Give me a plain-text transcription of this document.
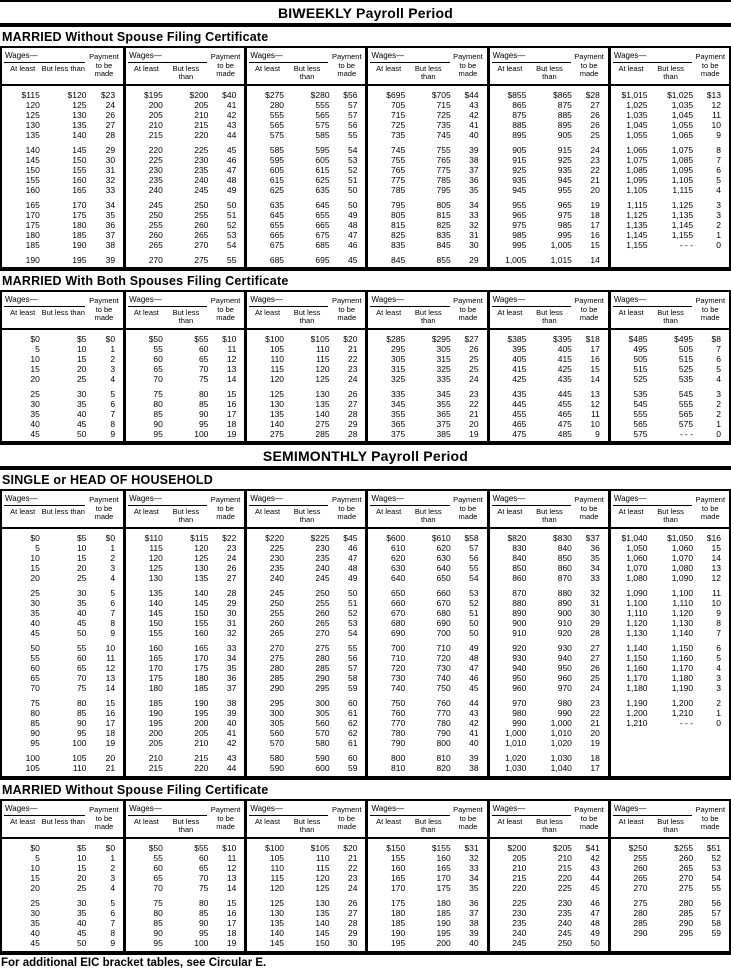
BIWEEKLY Payroll Period
MARRIED Without Spouse Filing Certificate
Wages—
At least But less than
Payment to be made
$115	$120	$23
120	125	24
125	130	26
130	135	27
135	140	28
140	145	29
145	150	30
150	155	31
155	160	32
160	165	33
165	170	34
170	175	35
175	180	36
180	185	37
185	190	38
190	195	39
Wages—
At least	But less than
Payment to be made
$195	$200	$40
200	205	41
205	210	42
210	215	43
215	220	44
220	225	45
225	230	46
230	235	47
235	240	48
240	245	49
245	250	50
250	255	51
255	260	52
260	265	53
265	270	54
270	275	55
Wages—
At least	But less than
Payment to be made
$275	$280	$56
280	555	57
555	565	57
565	575	56
575	585	55
585	595	54
595	605	53
605	615	52
615	625	51
625	635	50
635	645	50
645	655	49
655	665	48
665	675	47
675	685	46
685	695	45
Wages—
At least	But less than
Payment to be made
$695	$705	$44
705	715	43
715	725	42
725	735	41
735	745	40
745	755	39
755	765	38
765	775	37
775	785	36
785	795	35
795	805	34
805	815	33
815	825	32
825	835	31
835	845	30
845	855	29
Wages—
At least	But less than
Payment to be made
$855	$865	$28
865	875	27
875	885	26
885	895	26
895	905	25
905	915	24
915	925	23
925	935	22
935	945	21
945	955	20
955	965	19
965	975	18
975	985	17
985	995	16
995	1,005	15
1,005	1,015	14
Wages—
At least	But less than
Payment to be made
$1,015	$1,025	$13
1,025	1,035	12
1,035	1,045	11
1,045	1,055	10
1,055	1,065	9
1,065	1,075	8
1,075	1,085	7
1,085	1,095	6
1,095	1,105	5
1,105	1,115	4
1,115	1,125	3
1,125	1,135	3
1,135	1,145	2
1,145	1,155	1
1,155	- - -	0
MARRIED With Both Spouses Filing Certificate
Wages—
At least But less than
Payment to be made
$0	$5	$0
5	10	1
10	15	2
15	20	3
20	25	4
25	30	5
30	35	6
35	40	7
40	45	8
45	50	9
Wages—
At least	But less than
Payment to be made
$50	$55	$10
55	60	11
60	65	12
65	70	13
70	75	14
75	80	15
80	85	16
85	90	17
90	95	18
95	100	19
Wages—
At least	But less than
Payment to be made
$100	$105	$20
105	110	21
110	115	22
115	120	23
120	125	24
125	130	26
130	135	27
135	140	28
140	275	29
275	285	28
Wages—
At least	But less than
Payment to be made
$285	$295	$27
295	305	26
305	315	25
315	325	25
325	335	24
335	345	23
345	355	22
355	365	21
365	375	20
375	385	19
Wages—
At least	But less than
Payment to be made
$385	$395	$18
395	405	17
405	415	16
415	425	15
425	435	14
435	445	13
445	455	12
455	465	11
465	475	10
475	485	9
Wages—
At least	But less than
Payment to be made
$485	$495	$8
495	505	7
505	515	6
515	525	5
525	535	4
535	545	3
545	555	2
555	565	2
565	575	1
575	- - -	0
SEMIMONTHLY Payroll Period
SINGLE or HEAD OF HOUSEHOLD
Wages—
At least But less than
Payment to be made
$0	$5	$0
5	10	1
10	15	2
15	20	3
20	25	4
25	30	5
30	35	6
35	40	7
40	45	8
45	50	9
50	55	10
55	60	11
60	65	12
65	70	13
70	75	14
75	80	15
80	85	16
85	90	17
90	95	18
95	100	19
100	105	20
105	110	21
Wages—
At least	But less than
Payment to be made
$110	$115	$22
115	120	23
120	125	24
125	130	26
130	135	27
135	140	28
140	145	29
145	150	30
150	155	31
155	160	32
160	165	33
165	170	34
170	175	35
175	180	36
180	185	37
185	190	38
190	195	39
195	200	40
200	205	41
205	210	42
210	215	43
215	220	44
Wages—
At least	But less than
Payment to be made
$220	$225	$45
225	230	46
230	235	47
235	240	48
240	245	49
245	250	50
250	255	51
255	260	52
260	265	53
265	270	54
270	275	55
275	280	56
280	285	57
285	290	58
290	295	59
295	300	60
300	305	61
305	560	62
560	570	62
570	580	61
580	590	60
590	600	59
Wages—
At least	But less than
Payment to be made
$600	$610	$58
610	620	57
620	630	56
630	640	55
640	650	54
650	660	53
660	670	52
670	680	51
680	690	50
690	700	50
700	710	49
710	720	48
720	730	47
730	740	46
740	750	45
750	760	44
760	770	43
770	780	42
780	790	41
790	800	40
800	810	39
810	820	38
Wages—
At least	But less than
Payment to be made
$820	$830	$37
830	840	36
840	850	35
850	860	34
860	870	33
870	880	32
880	890	31
890	900	30
900	910	29
910	920	28
920	930	27
930	940	27
940	950	26
950	960	25
960	970	24
970	980	23
980	990	22
990	1,000	21
1,000	1,010	20
1,010	1,020	19
1,020	1,030	18
1,030	1,040	17
Wages—
At least	But less than
Payment to be made
$1,040	$1,050	$16
1,050	1,060	15
1,060	1,070	14
1,070	1,080	13
1,080	1,090	12
1,090	1,100	11
1,100	1,110	10
1,110	1,120	9
1,120	1,130	8
1,130	1,140	7
1,140	1,150	6
1,150	1,160	5
1,160	1,170	4
1,170	1,180	3
1,180	1,190	3
1,190	1,200	2
1,200	1,210	1
1,210	- - -	0
MARRIED Without Spouse Filing Certificate
Wages—
At least But less than
Payment to be made
$0	$5	$0
5	10	1
10	15	2
15	20	3
20	25	4
25	30	5
30	35	6
35	40	7
40	45	8
45	50	9
Wages—
At least	But less than
Payment to be made
$50	$55	$10
55	60	11
60	65	12
65	70	13
70	75	14
75	80	15
80	85	16
85	90	17
90	95	18
95	100	19
Wages—
At least	But less than
Payment to be made
$100	$105	$20
105	110	21
110	115	22
115	120	23
120	125	24
125	130	26
130	135	27
135	140	28
140	145	29
145	150	30
Wages—
At least	But less than
Payment to be made
$150	$155	$31
155	160	32
160	165	33
165	170	34
170	175	35
175	180	36
180	185	37
185	190	38
190	195	39
195	200	40
Wages—
At least	But less than
Payment to be made
$200	$205	$41
205	210	42
210	215	43
215	220	44
220	225	45
225	230	46
230	235	47
235	240	48
240	245	49
245	250	50
Wages—
At least	But less than
Payment to be made
$250	$255	$51
255	260	52
260	265	53
265	270	54
270	275	55
275	280	56
280	285	57
285	290	58
290	295	59
For additional EIC bracket tables, see Circular E.
